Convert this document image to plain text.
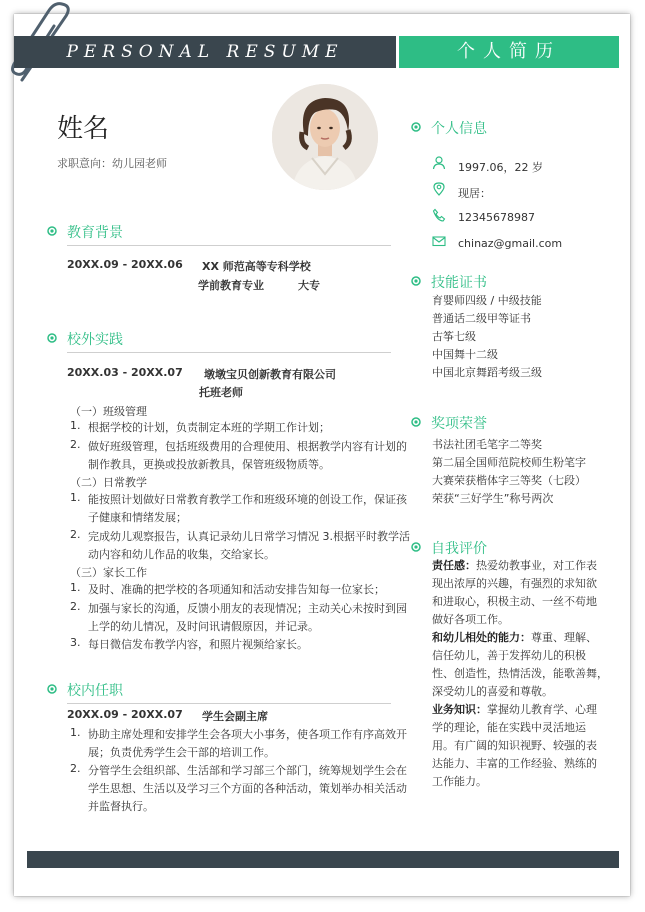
PERSONAL RESUME	个人简历
姓名
求职意向：幼儿园老师
教育背景
20XX.09 - 20XX.06 XX 师范高等专科学校
学前教育专业	大专
校外实践
20XX.03 - 20XX.07 墩墩宝贝创新教育有限公司
托班老师
（一）班级管理
1. 根据学校的计划，负责制定本班的学期工作计划；
2. 做好班级管理，包括班级费用的合理使用、根据教学内容有计划的
制作教具，更换或投放新教具，保管班级物质等。
（二）日常教学
1. 能按照计划做好日常教育教学工作和班级环境的创设工作，保证孩
子健康和情绪发展；
2. 完成幼儿观察报告，认真记录幼儿日常学习情况 3.根据平时教学活
动内容和幼儿作品的收集，交给家长。
（三）家长工作
1. 及时、准确的把学校的各项通知和活动安排告知每一位家长；
2. 加强与家长的沟通，反馈小朋友的表现情况；主动关心未按时到园
上学的幼儿情况，及时问讯请假原因，并记录。
3. 每日微信发布教学内容，和照片视频给家长。
校内任职
20XX.09 - 20XX.07 学生会副主席
1. 协助主席处理和安排学生会各项大小事务，使各项工作有序高效开
展；负责优秀学生会干部的培训工作。
2. 分管学生会组织部、生活部和学习部三个部门，统筹规划学生会在
学生思想、生活以及学习三个方面的各种活动，策划举办相关活动
并监督执行。
个人信息
1997.06，22 岁
现居：
12345678987
chinaz@gmail.com
技能证书
育婴师四级 / 中级技能
普通话二级甲等证书
古筝七级
中国舞十二级
中国北京舞蹈考级三级
奖项荣誉
书法社团毛笔字二等奖
第二届全国师范院校师生粉笔字
大赛荣获楷体字三等奖（七段）
荣获“三好学生”称号两次
自我评价
责任感：热爱幼教事业，对工作表
现出浓厚的兴趣，有强烈的求知欲
和进取心，积极主动、一丝不苟地
做好各项工作。
和幼儿相处的能力：尊重、理解、
信任幼儿，善于发挥幼儿的积极
性、创造性，热情活泼，能歌善舞，
深受幼儿的喜爱和尊敬。
业务知识：掌握幼儿教育学、心理
学的理论，能在实践中灵活地运
用。有广阔的知识视野、较强的表
达能力、丰富的工作经验、熟练的
工作能力。
